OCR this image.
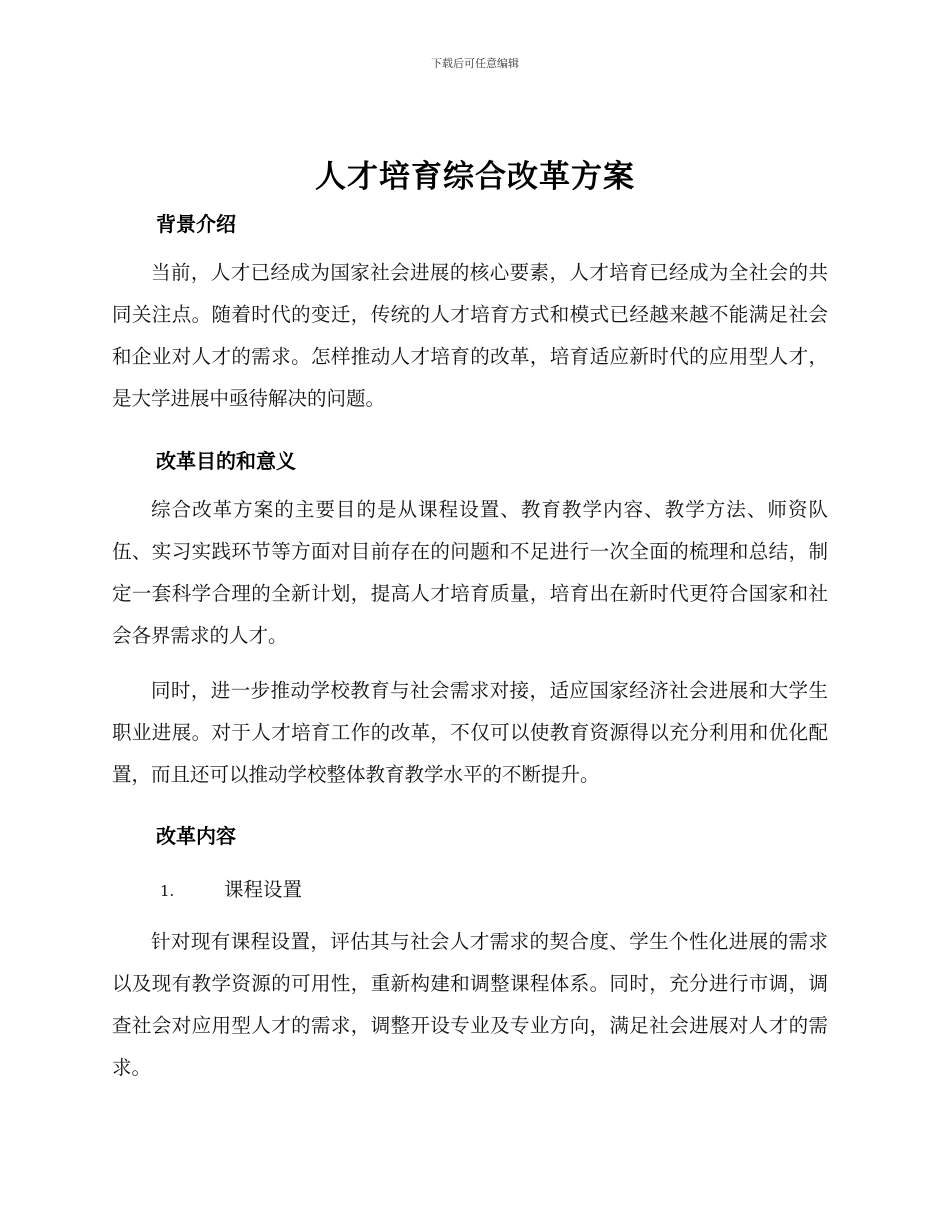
下载后可任意编辑
人才培育综合改革方案
背景介绍
当前，人才已经成为国家社会进展的核心要素，人才培育已经成为全社会的共同关注点。随着时代的变迁，传统的人才培育方式和模式已经越来越不能满足社会和企业对人才的需求。怎样推动人才培育的改革，培育适应新时代的应用型人才，是大学进展中亟待解决的问题。
改革目的和意义
综合改革方案的主要目的是从课程设置、教育教学内容、教学方法、师资队伍、实习实践环节等方面对目前存在的问题和不足进行一次全面的梳理和总结，制定一套科学合理的全新计划，提高人才培育质量，培育出在新时代更符合国家和社会各界需求的人才。
同时，进一步推动学校教育与社会需求对接，适应国家经济社会进展和大学生职业进展。对于人才培育工作的改革，不仅可以使教育资源得以充分利用和优化配置，而且还可以推动学校整体教育教学水平的不断提升。
改革内容
1.	课程设置
针对现有课程设置，评估其与社会人才需求的契合度、学生个性化进展的需求以及现有教学资源的可用性，重新构建和调整课程体系。同时，充分进行市调，调查社会对应用型人才的需求，调整开设专业及专业方向，满足社会进展对人才的需求。
